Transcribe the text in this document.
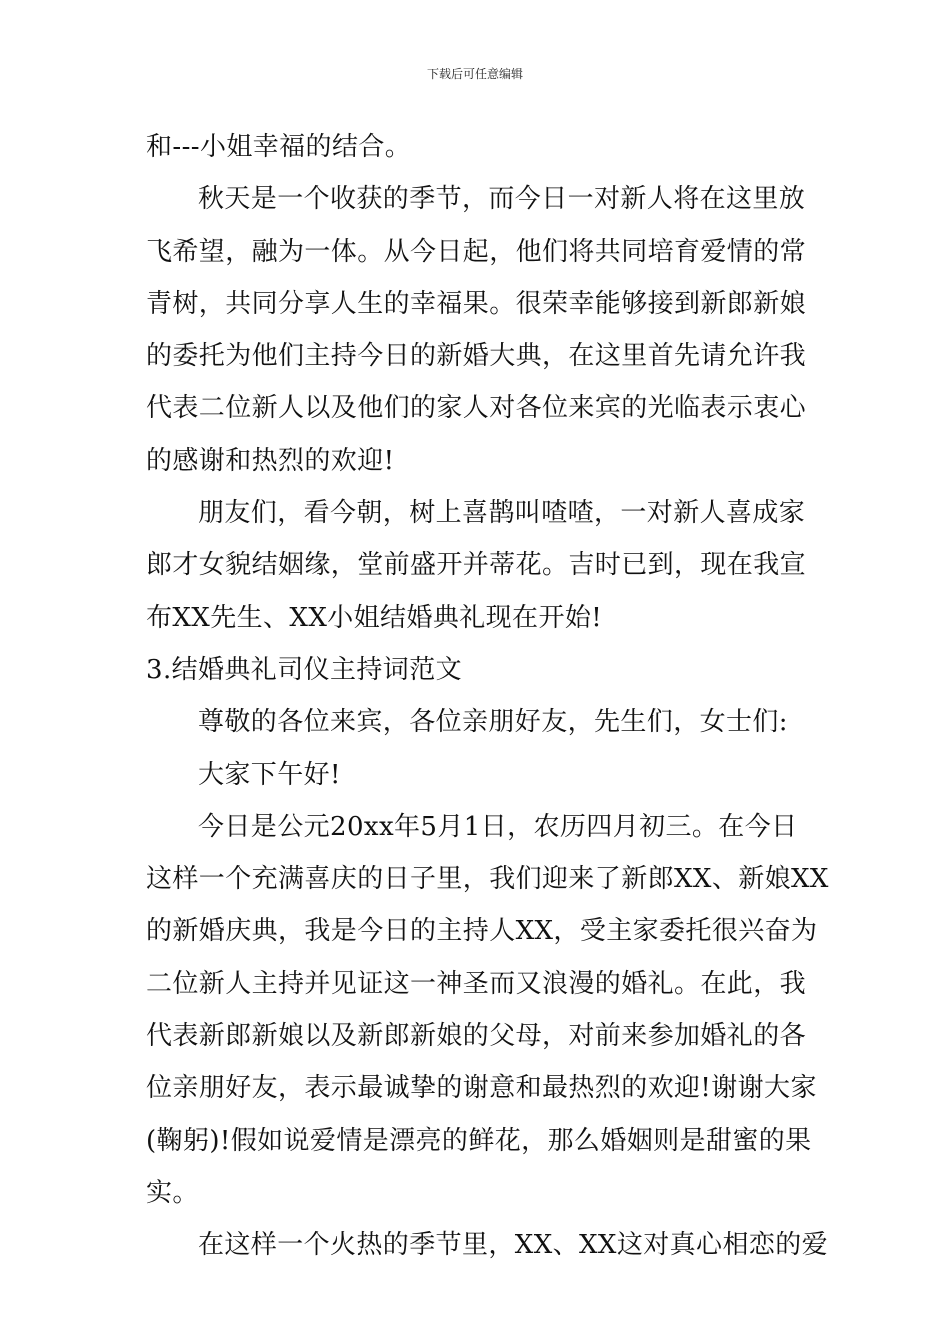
下载后可任意编辑

和---小姐幸福的结合。

秋天是一个收获的季节，而今日一对新人将在这里放

飞希望，融为一体。从今日起，他们将共同培育爱情的常

青树，共同分享人生的幸福果。很荣幸能够接到新郎新娘

的委托为他们主持今日的新婚大典，在这里首先请允许我

代表二位新人以及他们的家人对各位来宾的光临表示衷心

的感谢和热烈的欢迎!

朋友们，看今朝，树上喜鹊叫喳喳，一对新人喜成家

郎才女貌结姻缘，堂前盛开并蒂花。吉时已到，现在我宣

布XX先生、XX小姐结婚典礼现在开始!

3.结婚典礼司仪主持词范文

尊敬的各位来宾，各位亲朋好友，先生们，女士们:

大家下午好!

今日是公元20xx年5月1日，农历四月初三。在今日

这样一个充满喜庆的日子里，我们迎来了新郎XX、新娘XX

的新婚庆典，我是今日的主持人XX，受主家委托很兴奋为

二位新人主持并见证这一神圣而又浪漫的婚礼。在此，我

代表新郎新娘以及新郎新娘的父母，对前来参加婚礼的各

位亲朋好友，表示最诚挚的谢意和最热烈的欢迎!谢谢大家

(鞠躬)!假如说爱情是漂亮的鲜花，那么婚姻则是甜蜜的果

实。

在这样一个火热的季节里，XX、XX这对真心相恋的爱
